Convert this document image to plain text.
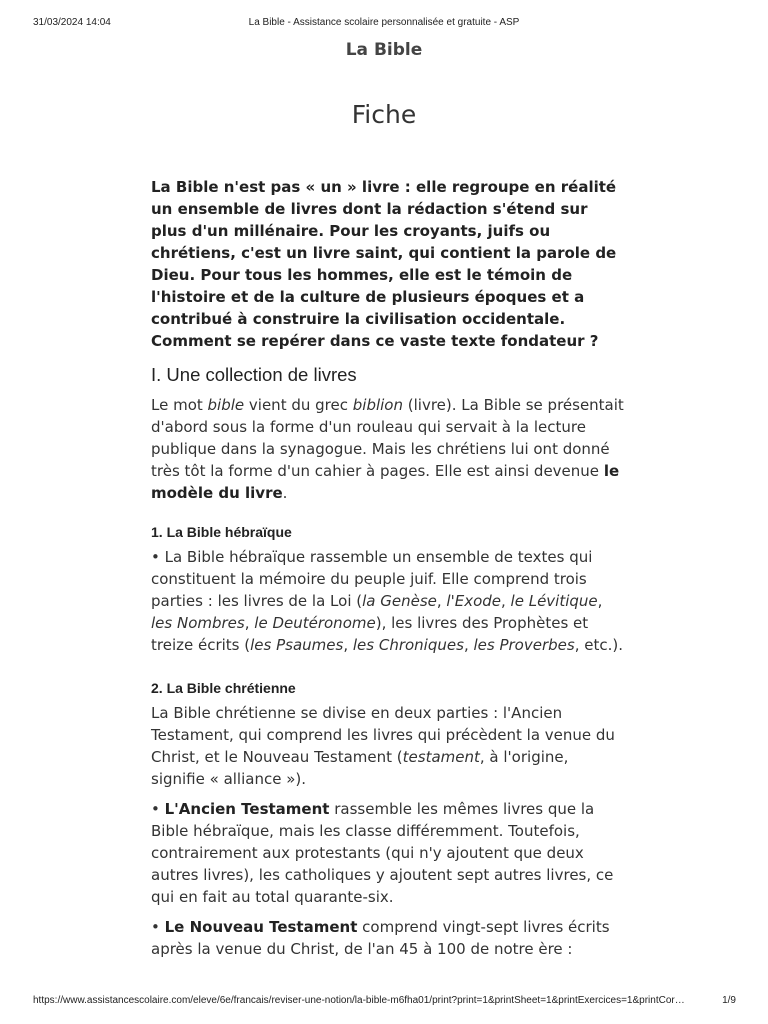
31/03/2024 14:04	La Bible - Assistance scolaire personnalisée et gratuite - ASP
La Bible
Fiche

La Bible n'est pas « un » livre : elle regroupe en réalité un ensemble de livres dont la rédaction s'étend sur plus d'un millénaire. Pour les croyants, juifs ou chrétiens, c'est un livre saint, qui contient la parole de Dieu. Pour tous les hommes, elle est le témoin de l'histoire et de la culture de plusieurs époques et a contribué à construire la civilisation occidentale.

Comment se repérer dans ce vaste texte fondateur ?

I. Une collection de livres

Le mot bible vient du grec biblion (livre). La Bible se présentait d'abord sous la forme d'un rouleau qui servait à la lecture publique dans la synagogue. Mais les chrétiens lui ont donné très tôt la forme d'un cahier à pages. Elle est ainsi devenue le modèle du livre.

1. La Bible hébraïque

• La Bible hébraïque rassemble un ensemble de textes qui constituent la mémoire du peuple juif. Elle comprend trois parties : les livres de la Loi (la Genèse, l'Exode, le Lévitique, les Nombres, le Deutéronome), les livres des Prophètes et treize écrits (les Psaumes, les Chroniques, les Proverbes, etc.).

2. La Bible chrétienne

La Bible chrétienne se divise en deux parties : l'Ancien Testament, qui comprend les livres qui précèdent la venue du Christ, et le Nouveau Testament (testament, à l'origine, signifie « alliance »).

• L'Ancien Testament rassemble les mêmes livres que la Bible hébraïque, mais les classe différemment. Toutefois, contrairement aux protestants (qui n'y ajoutent que deux autres livres), les catholiques y ajoutent sept autres livres, ce qui en fait au total quarante-six.

• Le Nouveau Testament comprend vingt-sept livres écrits après la venue du Christ, de l'an 45 à 100 de notre ère :

https://www.assistancescolaire.com/eleve/6e/francais/reviser-une-notion/la-bible-m6fha01/print?print=1&printSheet=1&printExercices=1&printCor…	1/9
